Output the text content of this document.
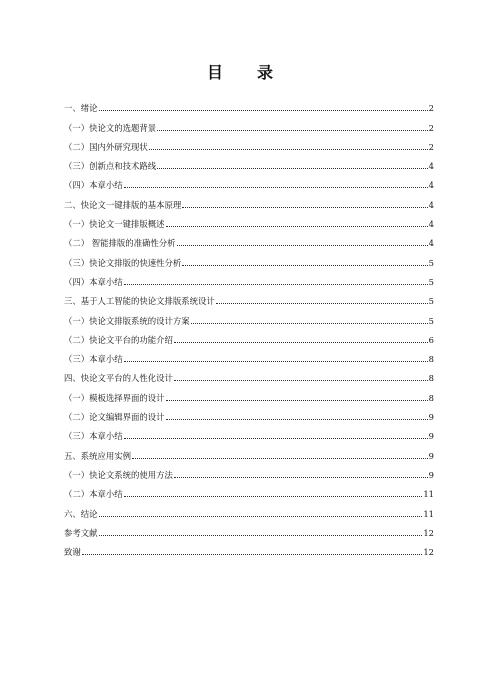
目录
一、绪论	2
（一）快论文的选题背景	2
（二）国内外研究现状	2
（三）创新点和技术路线	4
（四）本章小结	4
二、快论文一键排版的基本原理	4
（一）快论文一键排版概述	4
（二） 智能排版的准确性分析	4
（三）快论文排版的快速性分析	5
（四）本章小结	5
三、基于人工智能的快论文排版系统设计	5
（一）快论文排版系统的设计方案	5
（二）快论文平台的功能介绍	6
（三）本章小结	8
四、快论文平台的人性化设计	8
（一）模板选择界面的设计	8
（二）论文编辑界面的设计	9
（三）本章小结	9
五、系统应用实例	9
（一）快论文系统的使用方法	9
（二）本章小结	11
六、结论	11
参考文献	12
致谢	12
